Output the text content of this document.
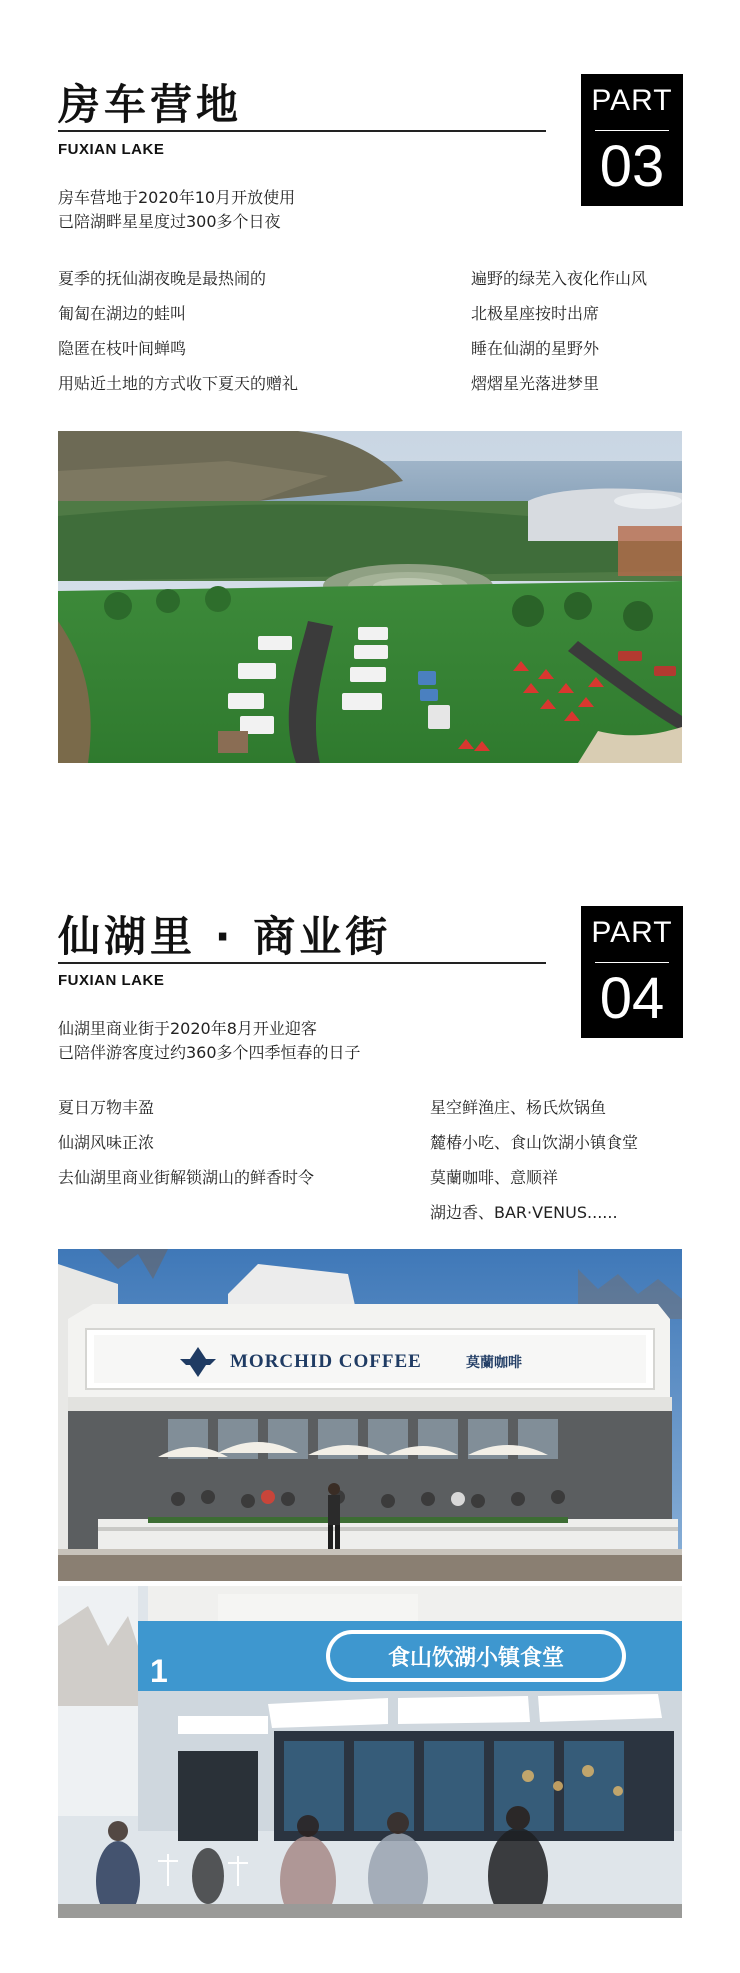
房车营地
FUXIAN LAKE
PART
03
房车营地于2020年10月开放使用
已陪湖畔星星度过300多个日夜
夏季的抚仙湖夜晚是最热闹的
匍匐在湖边的蛙叫
隐匿在枝叶间蝉鸣
用贴近土地的方式收下夏天的赠礼
遍野的绿芜入夜化作山风
北极星座按时出席
睡在仙湖的星野外
熠熠星光落进梦里
仙湖里 · 商业街
FUXIAN LAKE
PART
04
仙湖里商业街于2020年8月开业迎客
已陪伴游客度过约360多个四季恒春的日子
夏日万物丰盈
仙湖风味正浓
去仙湖里商业街解锁湖山的鲜香时令
星空鲜渔庄、杨氏炊锅鱼
麓椿小吃、食山饮湖小镇食堂
莫蘭咖啡、意顺祥
湖边香、BAR·VENUS......
MORCHID COFFEE	莫蘭咖啡
1	食山饮湖小镇食堂
